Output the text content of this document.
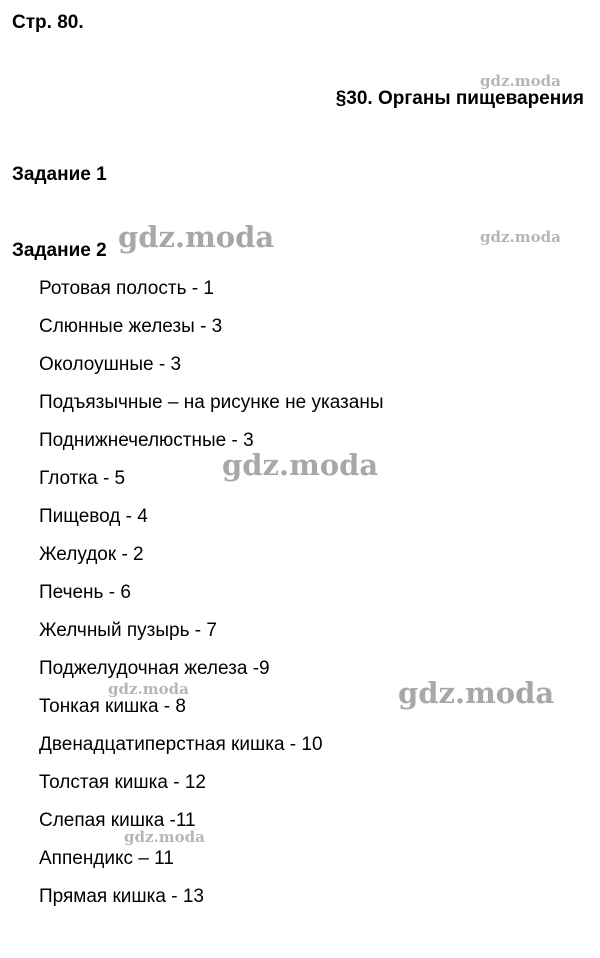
Стр. 80.
gdz.moda
§30. Органы пищеварения
Задание 1
Задание 2
Ротовая полость - 1
Слюнные железы - 3
Околоушные - 3
Подъязычные – на рисунке не указаны
Поднижнечелюстные - 3
Глотка - 5
Пищевод - 4
Желудок - 2
Печень - 6
Желчный пузырь - 7
Поджелудочная железа -9
Тонкая кишка - 8
Двенадцатиперстная кишка - 10
Толстая кишка - 12
Слепая кишка -11
Аппендикс – 11
Прямая кишка - 13
gdz.moda	gdz.moda
gdz.moda
gdz.moda
gdz.moda
gdz.moda
